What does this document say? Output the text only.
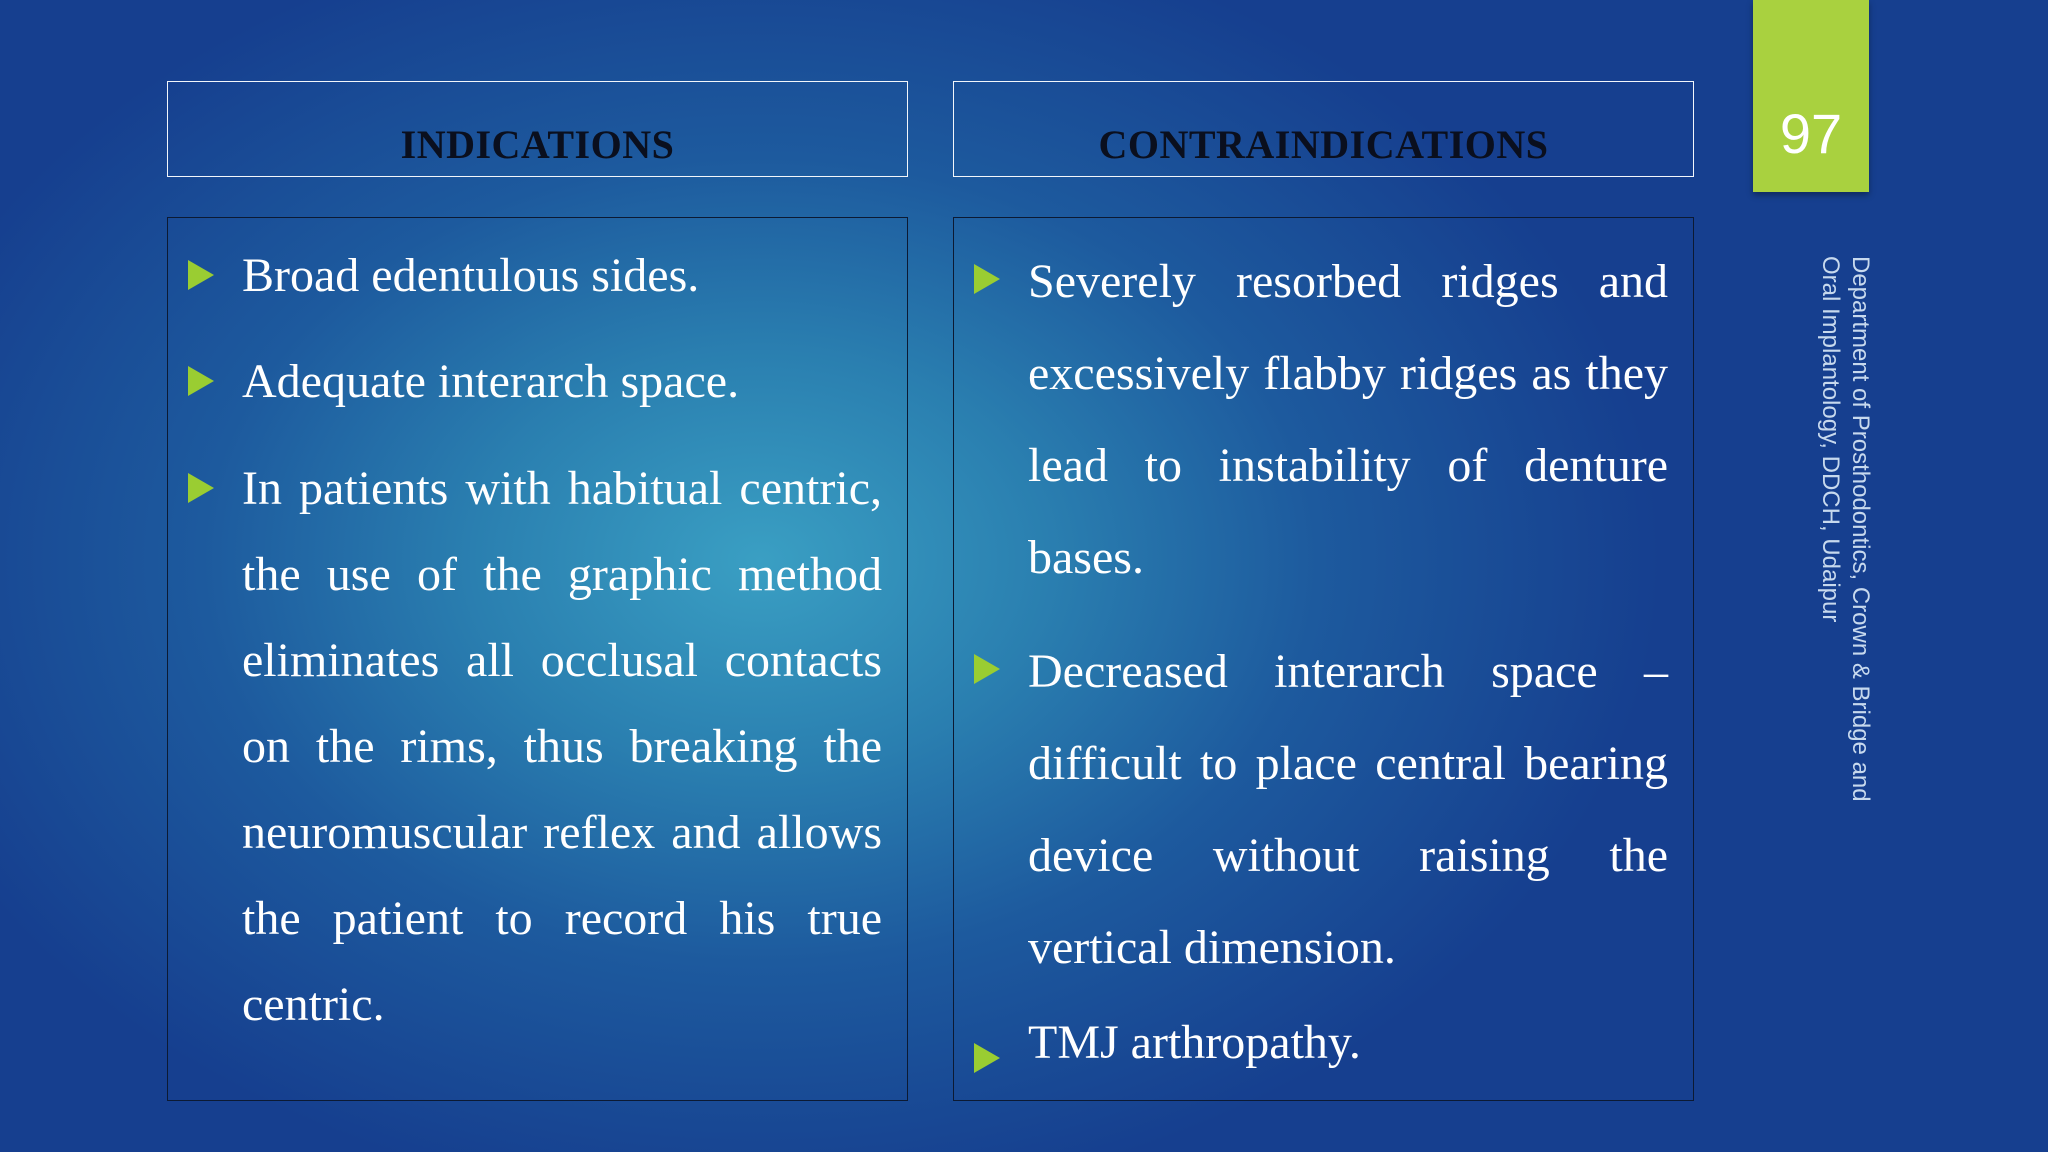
INDICATIONS	CONTRAINDICATIONS

Broad edentulous sides.

Adequate interarch space.

In patients with habitual centric, the use of the graphic method eliminates all occlusal contacts on the rims, thus breaking the neuromuscular reflex and allows the patient to record his true centric.

Severely resorbed ridges and excessively flabby ridges as they lead to instability of denture bases.

Decreased interarch space – difficult to place central bearing device without raising the vertical dimension.

TMJ arthropathy.

97
Department of Prosthodontics, Crown & Bridge and Oral Implantology, DDCH, Udaipur
